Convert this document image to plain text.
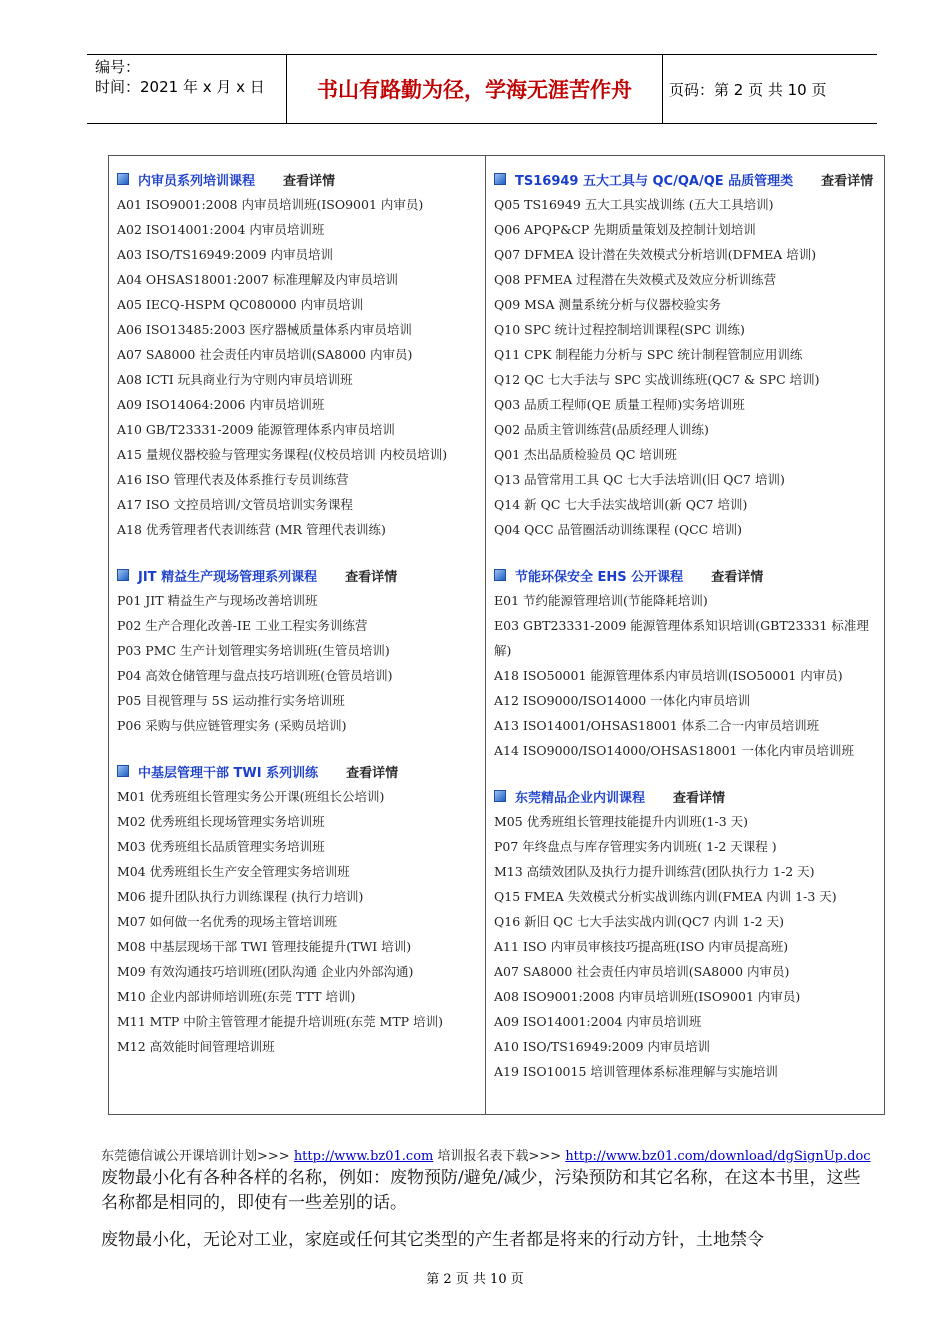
编号：
时间：2021 年 x 月 x 日	书山有路勤为径，学海无涯苦作舟	页码：第 2 页 共 10 页
内审员系列培训课程 查看详情
A01 ISO9001:2008 内审员培训班(ISO9001 内审员)
A02 ISO14001:2004 内审员培训班
A03 ISO/TS16949:2009 内审员培训
A04 OHSAS18001:2007 标准理解及内审员培训
A05 IECQ-HSPM QC080000 内审员培训
A06 ISO13485:2003 医疗器械质量体系内审员培训
A07 SA8000 社会责任内审员培训(SA8000 内审员)
A08 ICTI 玩具商业行为守则内审员培训班
A09 ISO14064:2006 内审员培训班
A10 GB/T23331-2009 能源管理体系内审员培训
A15 量规仪器校验与管理实务课程(仪校员培训 内校员培训)
A16 ISO 管理代表及体系推行专员训练营
A17 ISO 文控员培训/文管员培训实务课程
A18 优秀管理者代表训练营 (MR 管理代表训练)
JIT 精益生产现场管理系列课程 查看详情
P01 JIT 精益生产与现场改善培训班
P02 生产合理化改善-IE 工业工程实务训练营
P03 PMC 生产计划管理实务培训班(生管员培训)
P04 高效仓储管理与盘点技巧培训班(仓管员培训)
P05 目视管理与 5S 运动推行实务培训班
P06 采购与供应链管理实务 (采购员培训)
中基层管理干部 TWI 系列训练 查看详情
M01 优秀班组长管理实务公开课(班组长公培训)
M02 优秀班组长现场管理实务培训班
M03 优秀班组长品质管理实务培训班
M04 优秀班组长生产安全管理实务培训班
M06 提升团队执行力训练课程 (执行力培训)
M07 如何做一名优秀的现场主管培训班
M08 中基层现场干部 TWI 管理技能提升(TWI 培训)
M09 有效沟通技巧培训班(团队沟通 企业内外部沟通)
M10 企业内部讲师培训班(东莞 TTT 培训)
M11 MTP 中阶主管管理才能提升培训班(东莞 MTP 培训)
M12 高效能时间管理培训班
TS16949 五大工具与 QC/QA/QE 品质管理类 查看详情
Q05 TS16949 五大工具实战训练 (五大工具培训)
Q06 APQP&CP 先期质量策划及控制计划培训
Q07 DFMEA 设计潜在失效模式分析培训(DFMEA 培训)
Q08 PFMEA 过程潜在失效模式及效应分析训练营
Q09 MSA 测量系统分析与仪器校验实务
Q10 SPC 统计过程控制培训课程(SPC 训练)
Q11 CPK 制程能力分析与 SPC 统计制程管制应用训练
Q12 QC 七大手法与 SPC 实战训练班(QC7 & SPC 培训)
Q03 品质工程师(QE 质量工程师)实务培训班
Q02 品质主管训练营(品质经理人训练)
Q01 杰出品质检验员 QC 培训班
Q13 品管常用工具 QC 七大手法培训(旧 QC7 培训)
Q14 新 QC 七大手法实战培训(新 QC7 培训)
Q04 QCC 品管圈活动训练课程 (QCC 培训)
节能环保安全 EHS 公开课程 查看详情
E01 节约能源管理培训(节能降耗培训)
E03 GBT23331-2009 能源管理体系知识培训(GBT23331 标准理解)
A18 ISO50001 能源管理体系内审员培训(ISO50001 内审员)
A12 ISO9000/ISO14000 一体化内审员培训
A13 ISO14001/OHSAS18001 体系二合一内审员培训班
A14 ISO9000/ISO14000/OHSAS18001 一体化内审员培训班
东莞精品企业内训课程 查看详情
M05 优秀班组长管理技能提升内训班(1-3 天)
P07 年终盘点与库存管理实务内训班( 1-2 天课程 )
M13 高绩效团队及执行力提升训练营(团队执行力 1-2 天)
Q15 FMEA 失效模式分析实战训练内训(FMEA 内训 1-3 天)
Q16 新旧 QC 七大手法实战内训(QC7 内训 1-2 天)
A11 ISO 内审员审核技巧提高班(ISO 内审员提高班)
A07 SA8000 社会责任内审员培训(SA8000 内审员)
A08 ISO9001:2008 内审员培训班(ISO9001 内审员)
A09 ISO14001:2004 内审员培训班
A10 ISO/TS16949:2009 内审员培训
A19 ISO10015 培训管理体系标准理解与实施培训
东莞德信诚公开课培训计划>>> http://www.bz01.com 培训报名表下载>>> http://www.bz01.com/download/dgSignUp.doc
废物最小化有各种各样的名称，例如：废物预防/避免/减少，污染预防和其它名称，在这本书里，这些名称都是相同的，即使有一些差别的话。
废物最小化，无论对工业，家庭或任何其它类型的产生者都是将来的行动方针，土地禁令
第 2 页 共 10 页
